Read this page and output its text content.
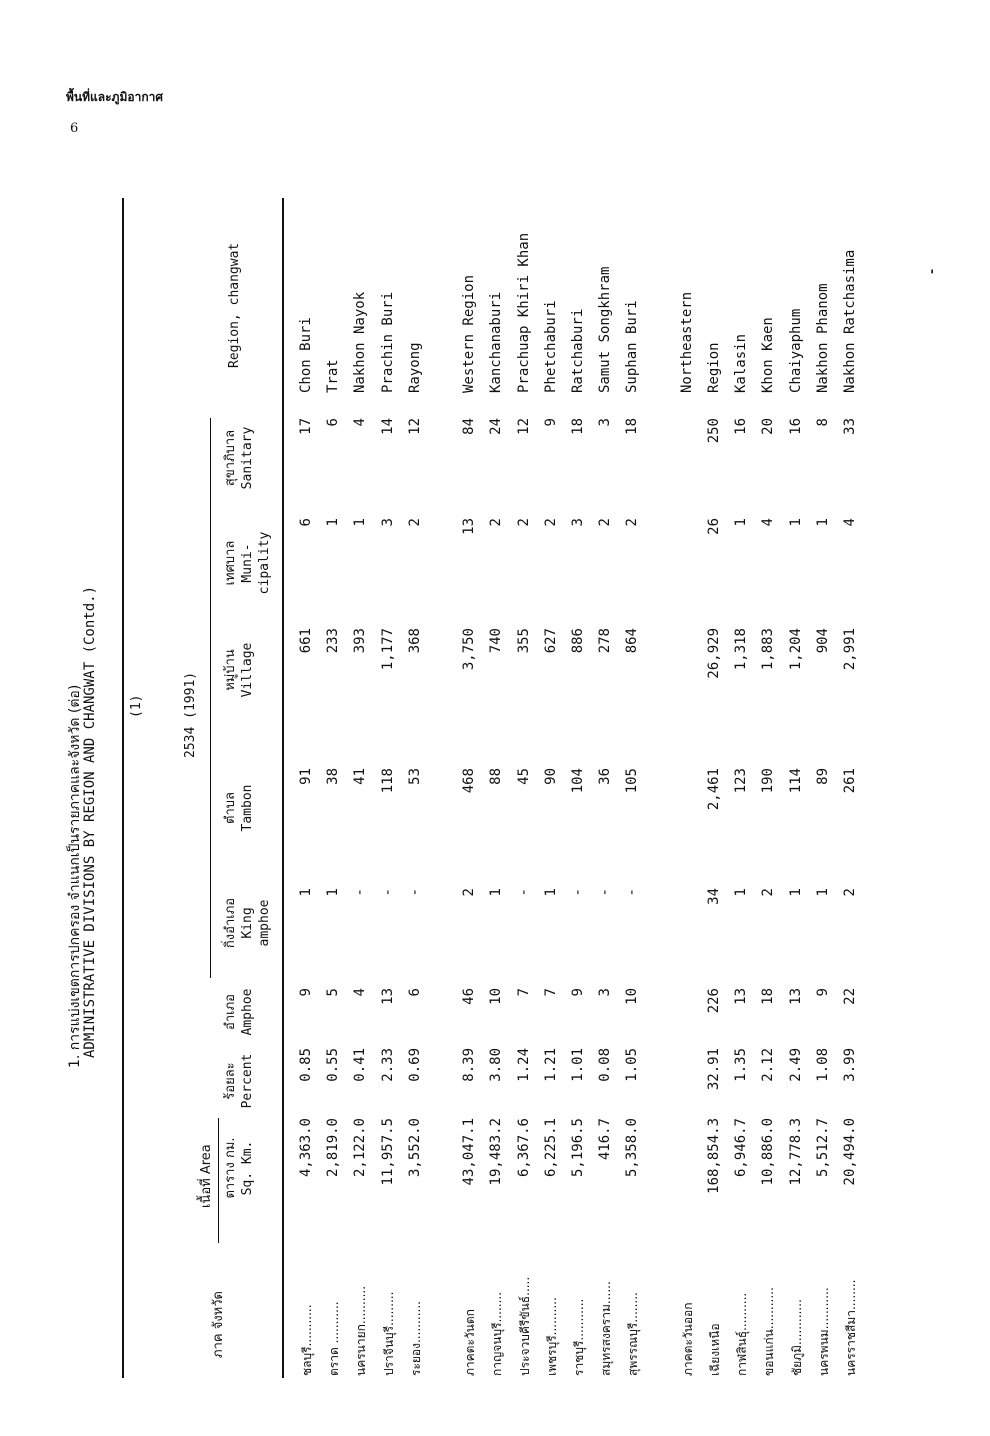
พื้นที่และภูมิอากาศ
6
'
1. การแบ่งเขตการปกครอง จำแนกเป็นรายภาคและจังหวัด (ต่อ) ADMINISTRATIVE DIVISIONS BY REGION AND CHANGWAT (Contd.) (1)	2534 (1991)
ภาค จังหวัด
เนื้อที่ Area ตาราง กม. Sq. Km.
ร้อยละ Percent
อำเภอ Amphoe
กิ่งอำเภอ King amphoe
ตำบล Tambon
หมู่บ้าน Village
เทศบาล Muni- cipality
สุขาภิบาล Sanitary
Region, changwat
ชลบุรี...........
4,363.0
0.85
9
1
91
661
6
17
Chon Buri
ตราด ...........
2,819.0
0.55
5
1
38
233
1
6
Trat
นครนายก..........
2,122.0
0.41
4
-
41
393
1
4
Nakhon Nayok
ปราจีนบุรี.........
11,957.5
2.33
13
-
118
1,177
3
14
Prachin Buri
ระยอง...........
3,552.0
0.69
6
-
53
368
2
12
Rayong
ภาคตะวันตก
43,047.1
8.39
46
2
468
3,750
13
84
Western Region
กาญจนบุรี........
19,483.2
3.80
10
1
88
740
2
24
Kanchanaburi
ประจวบคีรีขันธ์.....
6,367.6
1.24
7
-
45
355
2
12
Prachuap Khiri Khan
เพชรบุรี..........
6,225.1
1.21
7
1
90
627
2
9
Phetchaburi
ราชบุรี...........
5,196.5
1.01
9
-
104
886
3
18
Ratchaburi
สมุทรสงคราม......
416.7
0.08
3
-
36
278
2
3
Samut Songkhram
สุพรรณบุรี........
5,358.0
1.05
10
-
105
864
2
18
Suphan Buri
ภาคตะวันออก
Northeastern
เฉียงเหนือ
168,854.3
32.91
226
34
2,461
26,929
26
250
Region
กาฬสินธุ์..........
6,946.7
1.35
13
1
123
1,318
1
16
Kalasin
ขอนแก่น...........
10,886.0
2.12
18
2
190
1,883
4
20
Khon Kaen
ชัยภูมิ............
12,778.3
2.49
13
1
114
1,204
1
16
Chaiyaphum
นครพนม...........
5,512.7
1.08
9
1
89
904
1
8
Nakhon Phanom
นครราชสีมา........
20,494.0
3.99
22
2
261
2,991
4
33
Nakhon Ratchasima
